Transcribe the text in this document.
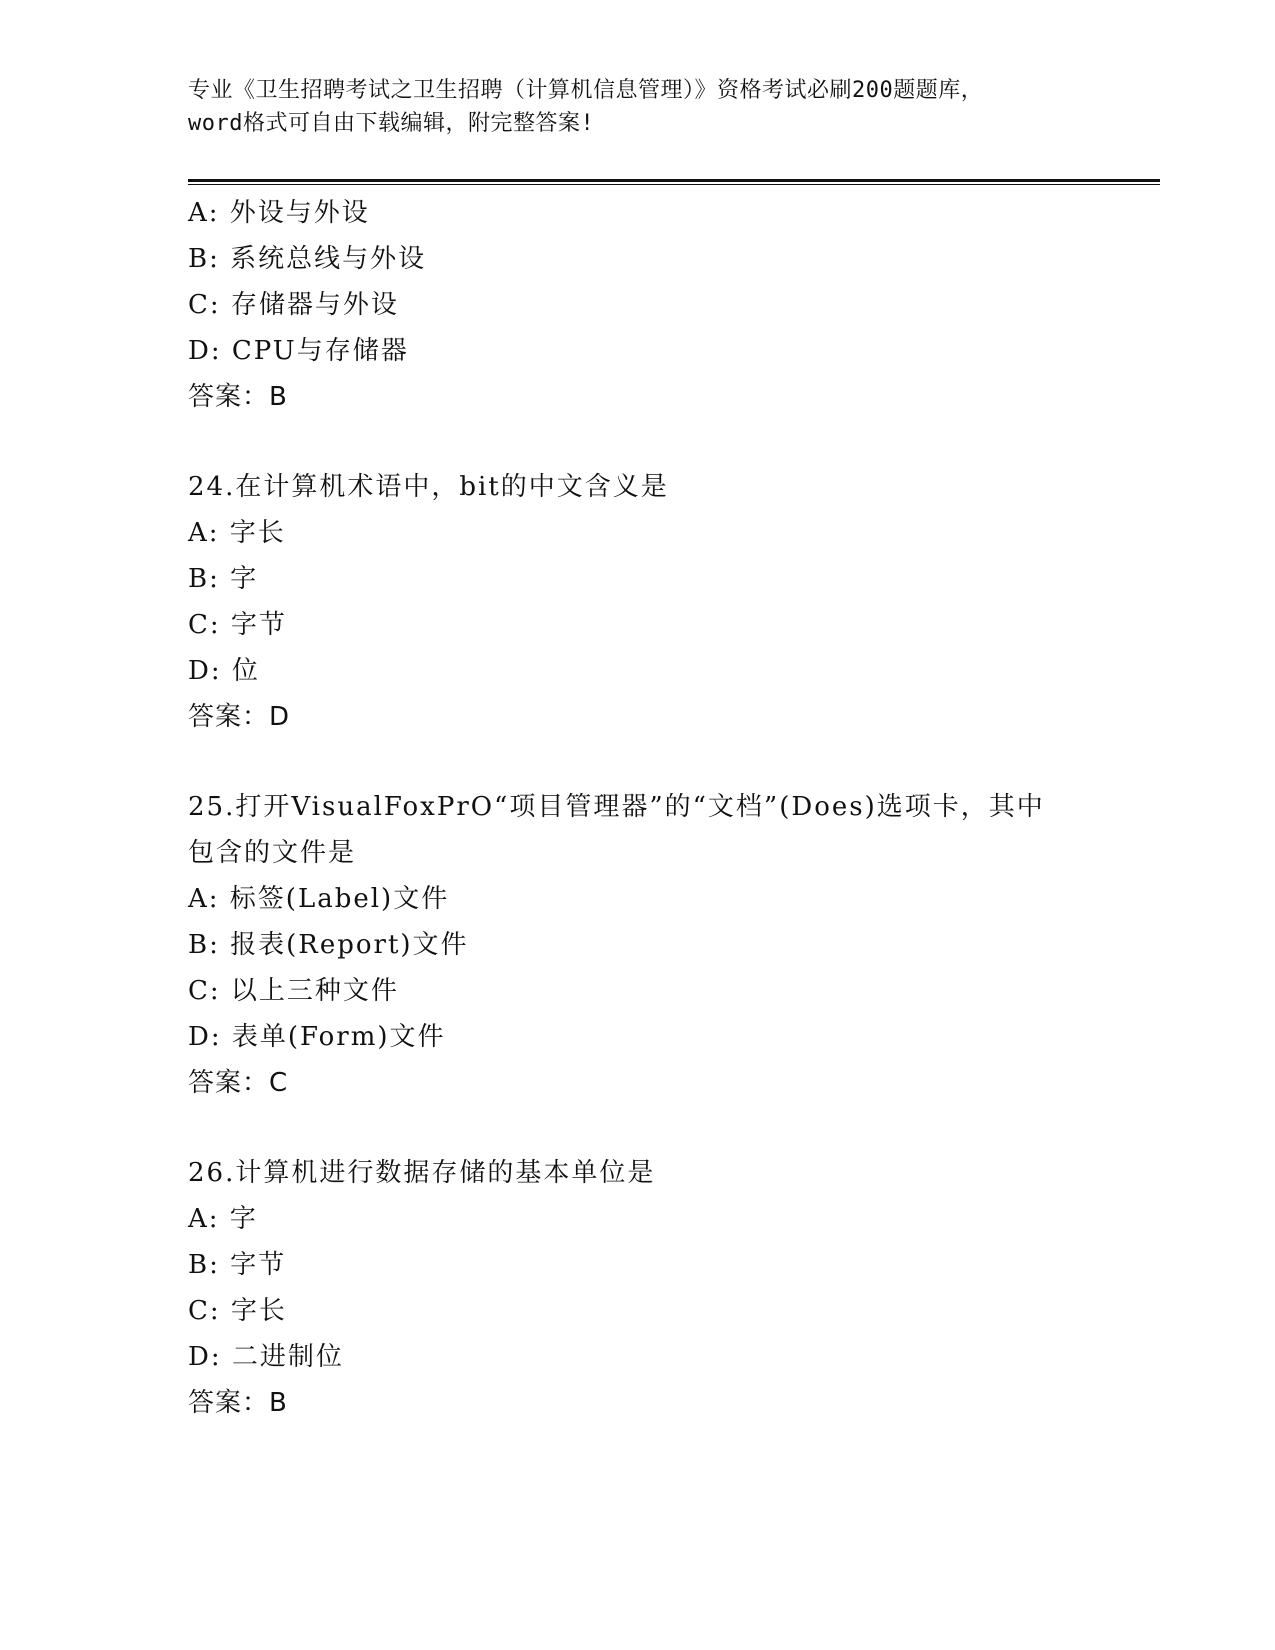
专业《卫生招聘考试之卫生招聘（计算机信息管理）》资格考试必刷200题题库，
word格式可自由下载编辑，附完整答案!
A: 外设与外设
B: 系统总线与外设
C: 存储器与外设
D: CPU与存储器
答案：B
24.在计算机术语中，bit的中文含义是
A: 字长
B: 字
C: 字节
D: 位
答案：D
25.打开VisualFoxPrO“项目管理器”的“文档”(Does)选项卡，其中
包含的文件是
A: 标签(Label)文件
B: 报表(Report)文件
C: 以上三种文件
D: 表单(Form)文件
答案：C
26.计算机进行数据存储的基本单位是
A: 字
B: 字节
C: 字长
D: 二进制位
答案：B
